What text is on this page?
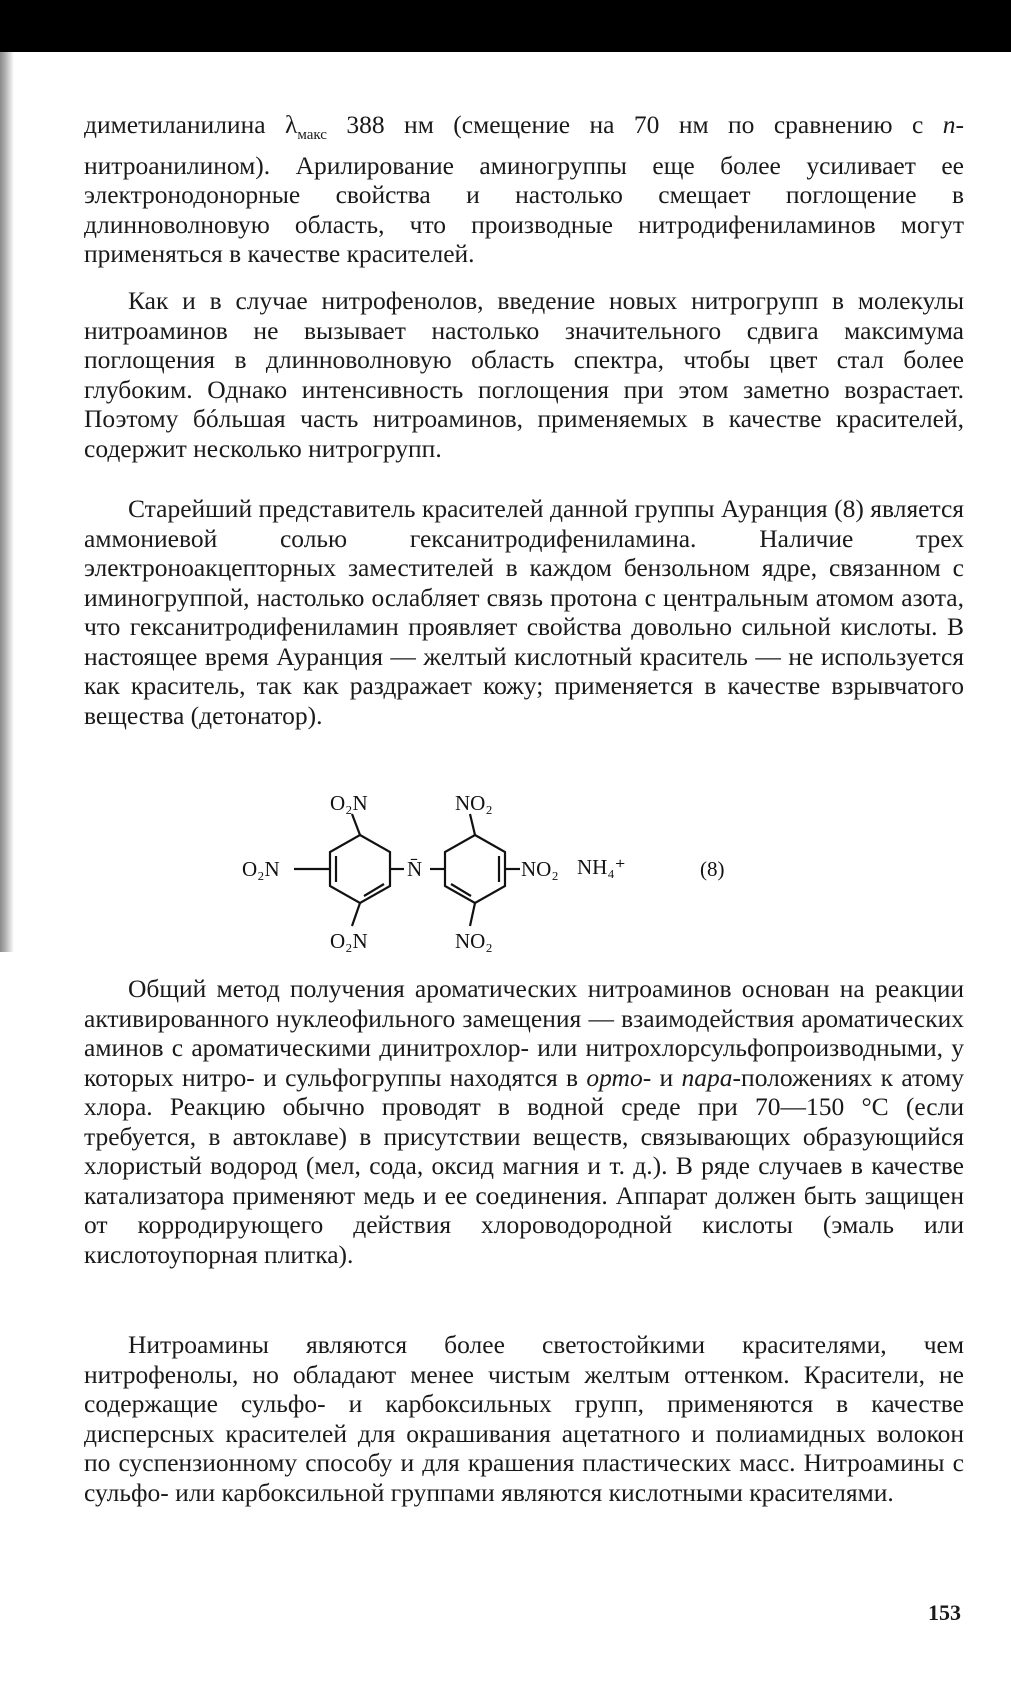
диметиланилина $\lambda_{макс}$ 388 нм (смещение на 70 нм по сравнению с n-нитроанилином). Арилирование аминогруппы еще более усиливает ее электронодонорные свойства и настолько смещает поглощение в длинноволновую область, что производные нитродифениламинов могут применяться в качестве красителей.

Как и в случае нитрофенолов, введение новых нитрогрупп в молекулы нитроаминов не вызывает настолько значительного сдвига максимума поглощения в длинноволновую область спектра, чтобы цвет стал более глубоким. Однако интенсивность поглощения при этом заметно возрастает. Поэтому бóльшая часть нитроаминов, применяемых в качестве красителей, содержит несколько нитрогрупп.

Старейший представитель красителей данной группы Ауранция (8) является аммониевой солью гексанитродифениламина. Наличие трех электроноакцепторных заместителей в каждом бензольном ядре, связанном с иминогруппой, настолько ослабляет связь протона с центральным атомом азота, что гексанитродифениламин проявляет свойства довольно сильной кислоты. В настоящее время Ауранция — желтый кислотный краситель — не используется как краситель, так как раздражает кожу; применяется в качестве взрывчатого вещества (детонатор).

O₂N	NO₂
O₂N	N̄	NO₂ NH₄⁺
O₂N	NO₂
(8)

Общий метод получения ароматических нитроаминов основан на реакции активированного нуклеофильного замещения — взаимодействия ароматических аминов с ароматическими динитрохлор- или нитрохлорсульфопроизводными, у которых нитро- и сульфогруппы находятся в орто- и пара-положениях к атому хлора. Реакцию обычно проводят в водной среде при 70—150 °С (если требуется, в автоклаве) в присутствии веществ, связывающих образующийся хлористый водород (мел, сода, оксид магния и т. д.). В ряде случаев в качестве катализатора применяют медь и ее соединения. Аппарат должен быть защищен от корродирующего действия хлороводородной кислоты (эмаль или кислотоупорная плитка).

Нитроамины являются более светостойкими красителями, чем нитрофенолы, но обладают менее чистым желтым оттенком. Красители, не содержащие сульфо- и карбоксильных групп, применяются в качестве дисперсных красителей для окрашивания ацетатного и полиамидных волокон по суспензионному способу и для крашения пластических масс. Нитроамины с сульфо- или карбоксильной группами являются кислотными красителями.

153
